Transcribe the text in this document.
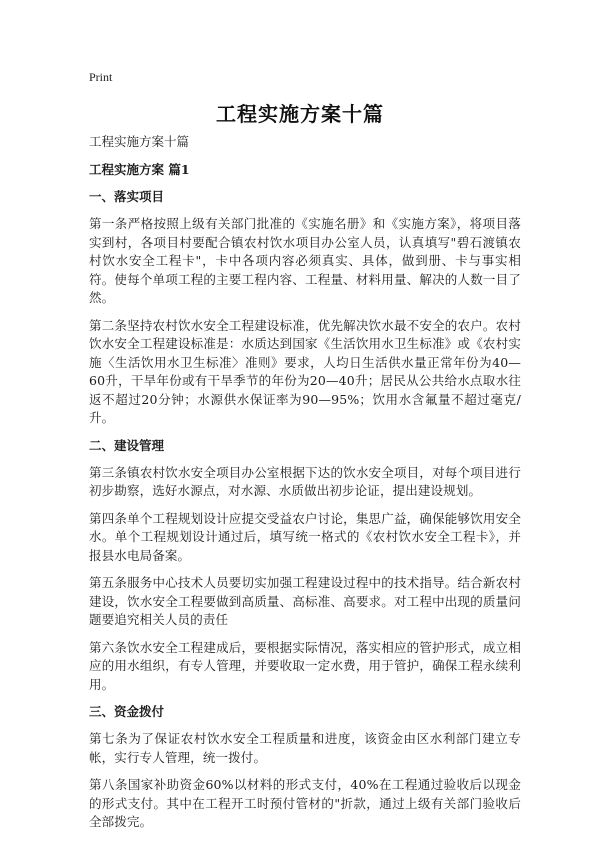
Print
工程实施方案十篇
工程实施方案十篇
工程实施方案 篇1
一、落实项目

第一条严格按照上级有关部门批准的《实施名册》和《实施方案》，将项目落实到村，各项目村要配合镇农村饮水项目办公室人员，认真填写"碧石渡镇农村饮水安全工程卡"，卡中各项内容必须真实、具体，做到册、卡与事实相符。使每个单项工程的主要工程内容、工程量、材料用量、解决的人数一目了然。

第二条坚持农村饮水安全工程建设标准，优先解决饮水最不安全的农户。农村饮水安全工程建设标准是：水质达到国家《生活饮用水卫生标准》或《农村实施〈生活饮用水卫生标准〉准则》要求，人均日生活供水量正常年份为40—60升，干旱年份或有干旱季节的年份为20—40升；居民从公共给水点取水往返不超过20分钟；水源供水保证率为90—95%；饮用水含氟量不超过毫克/升。

二、建设管理

第三条镇农村饮水安全项目办公室根据下达的饮水安全项目，对每个项目进行初步勘察，选好水源点，对水源、水质做出初步论证，提出建设规划。

第四条单个工程规划设计应提交受益农户讨论，集思广益，确保能够饮用安全水。单个工程规划设计通过后，填写统一格式的《农村饮水安全工程卡》，并报县水电局备案。

第五条服务中心技术人员要切实加强工程建设过程中的技术指导。结合新农村建设，饮水安全工程要做到高质量、高标准、高要求。对工程中出现的质量问题要追究相关人员的责任

第六条饮水安全工程建成后，要根据实际情况，落实相应的管护形式，成立相应的用水组织，有专人管理，并要收取一定水费，用于管护，确保工程永续利用。

三、资金拨付

第七条为了保证农村饮水安全工程质量和进度，该资金由区水利部门建立专帐，实行专人管理，统一拨付。

第八条国家补助资金60%以材料的形式支付，40%在工程通过验收后以现金的形式支付。其中在工程开工时预付管材的"折款，通过上级有关部门验收后全部拨完。
